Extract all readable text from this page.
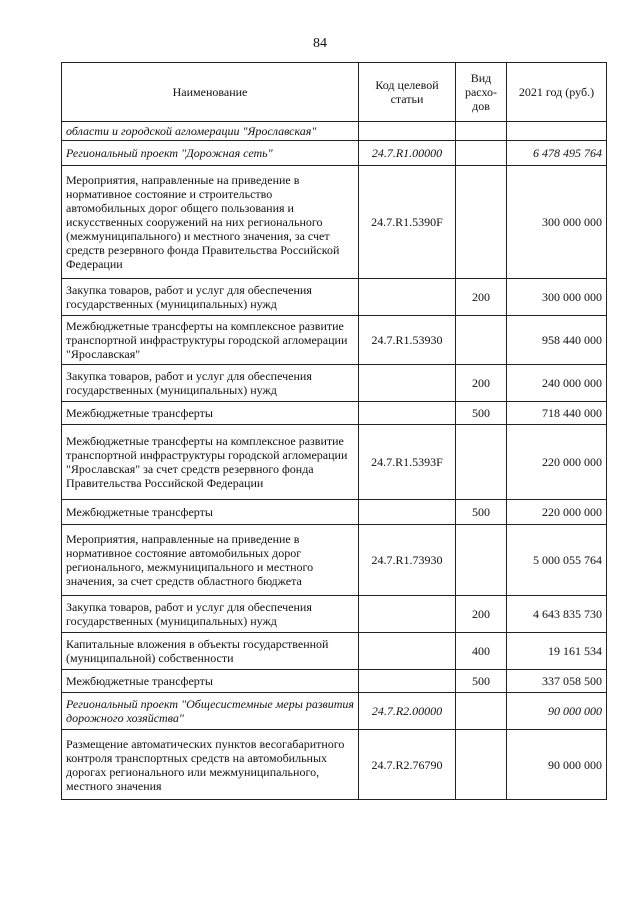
84
Наименование	Код целевой статьи	Вид расхо-дов	2021 год (руб.)
области и городской агломерации "Ярославская"			
Региональный проект "Дорожная сеть"	24.7.R1.00000		6 478 495 764
Мероприятия, направленные на приведение в нормативное состояние и строительство автомобильных дорог общего пользования и искусственных сооружений на них регионального (межмуниципального) и местного значения, за счет средств резервного фонда Правительства Российской Федерации	24.7.R1.5390F		300 000 000
Закупка товаров, работ и услуг для обеспечения государственных (муниципальных) нужд		200	300 000 000
Межбюджетные трансферты на комплексное развитие транспортной инфраструктуры городской агломерации "Ярославская"	24.7.R1.53930		958 440 000
Закупка товаров, работ и услуг для обеспечения государственных (муниципальных) нужд		200	240 000 000
Межбюджетные трансферты		500	718 440 000
Межбюджетные трансферты на комплексное развитие транспортной инфраструктуры городской агломерации "Ярославская" за счет средств резервного фонда Правительства Российской Федерации	24.7.R1.5393F		220 000 000
Межбюджетные трансферты		500	220 000 000
Мероприятия, направленные на приведение в нормативное состояние автомобильных дорог регионального, межмуниципального и местного значения, за счет средств областного бюджета	24.7.R1.73930		5 000 055 764
Закупка товаров, работ и услуг для обеспечения государственных (муниципальных) нужд		200	4 643 835 730
Капитальные вложения в объекты государственной (муниципальной) собственности		400	19 161 534
Межбюджетные трансферты		500	337 058 500
Региональный проект "Общесистемные меры развития дорожного хозяйства"	24.7.R2.00000		90 000 000
Размещение автоматических пунктов весогабаритного контроля транспортных средств на автомобильных дорогах регионального или межмуниципального, местного значения	24.7.R2.76790		90 000 000
